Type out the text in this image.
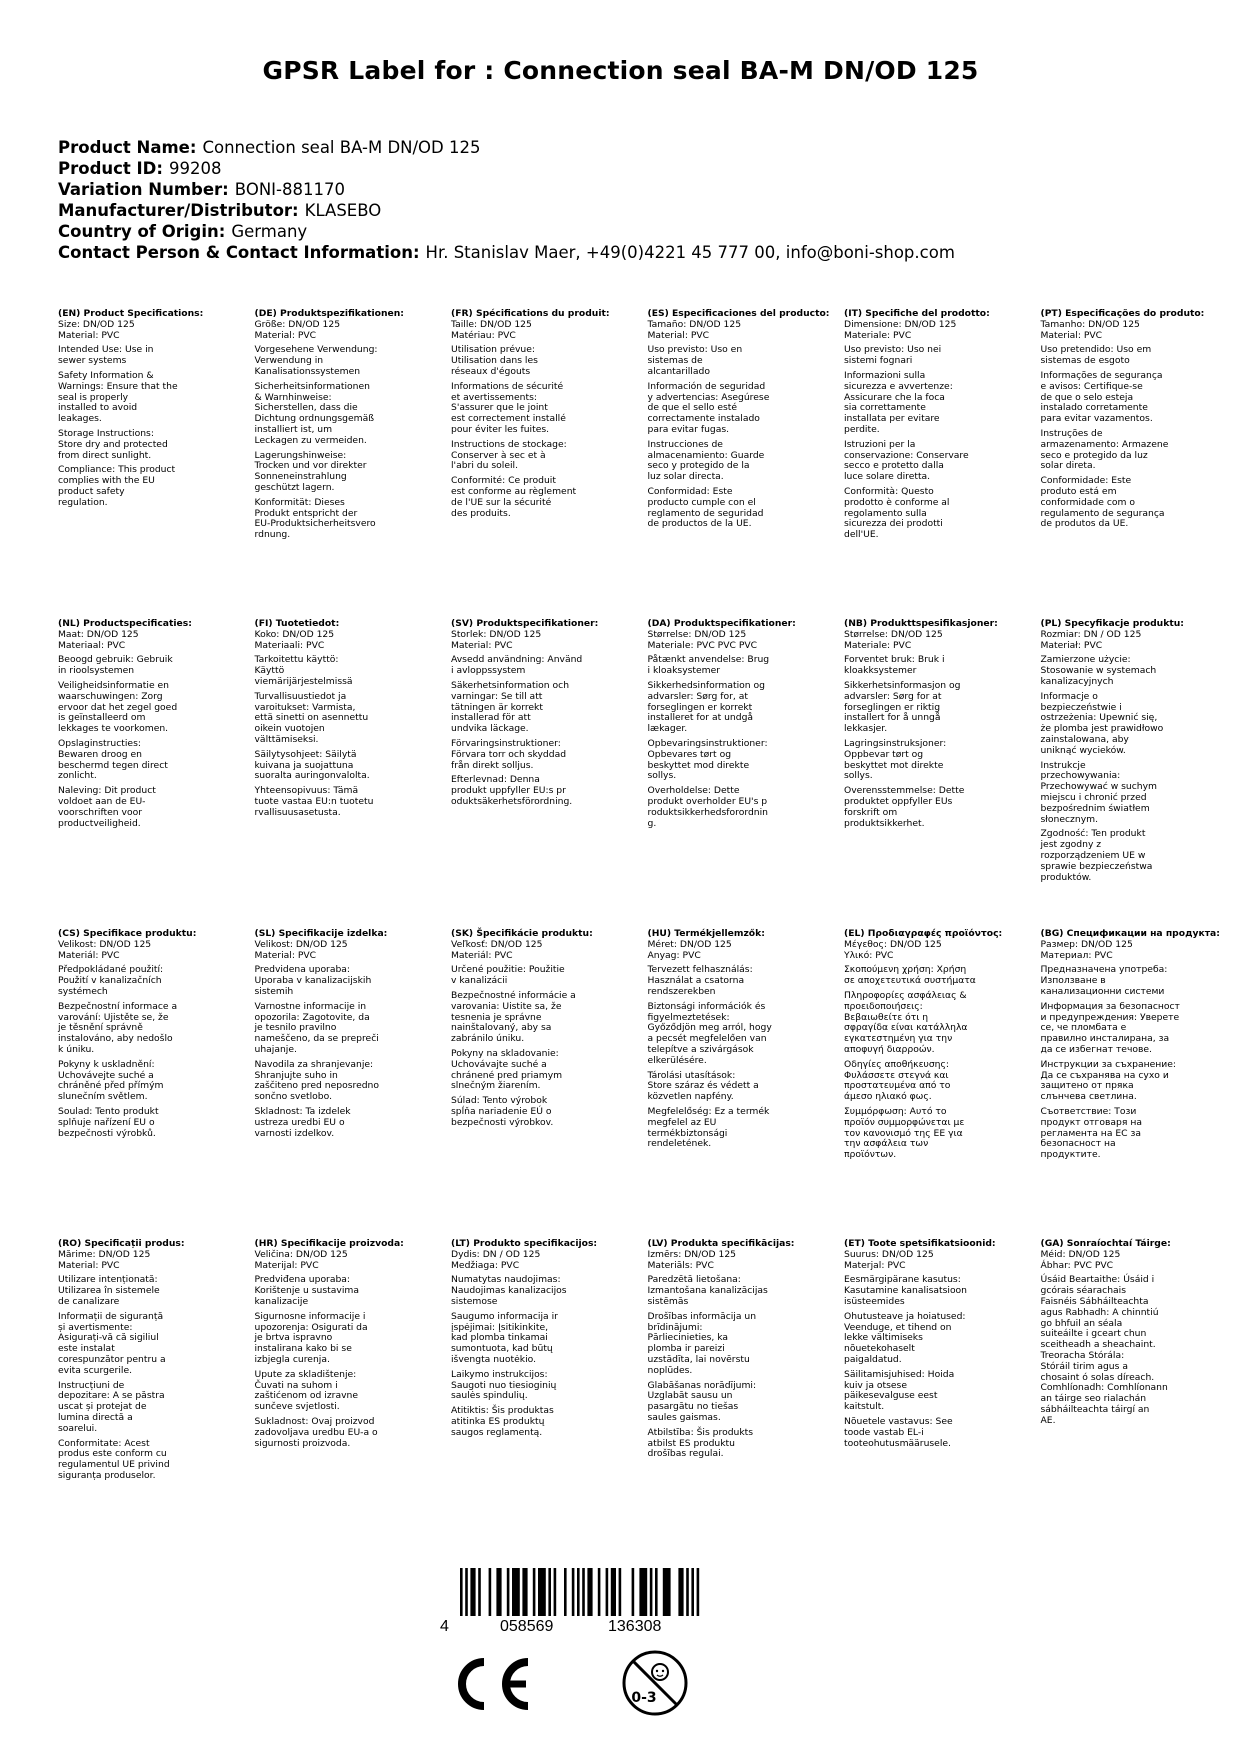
GPSR Label for : Connection seal BA-M DN/OD 125
Product Name: Connection seal BA-M DN/OD 125
Product ID: 99208
Variation Number: BONI-881170
Manufacturer/Distributor: KLASEBO
Country of Origin: Germany
Contact Person & Contact Information: Hr. Stanislav Maer, +49(0)4221 45 777 00, info@boni-shop.com
(EN) Product Specifications:
Size: DN/OD 125
Material: PVC
Intended Use: Use in
sewer systems
Safety Information &
Warnings: Ensure that the
seal is properly
installed to avoid
leakages.
Storage Instructions:
Store dry and protected
from direct sunlight.
Compliance: This product
complies with the EU
product safety
regulation.
(DE) Produktspezifikationen:
Größe: DN/OD 125
Material: PVC
Vorgesehene Verwendung:
Verwendung in
Kanalisationssystemen
Sicherheitsinformationen
& Warnhinweise:
Sicherstellen, dass die
Dichtung ordnungsgemäß
installiert ist, um
Leckagen zu vermeiden.
Lagerungshinweise:
Trocken und vor direkter
Sonneneinstrahlung
geschützt lagern.
Konformität: Dieses
Produkt entspricht der
EU-Produktsicherheitsvero
rdnung.
(FR) Spécifications du produit:
Taille: DN/OD 125
Matériau: PVC
Utilisation prévue:
Utilisation dans les
réseaux d'égouts
Informations de sécurité
et avertissements:
S'assurer que le joint
est correctement installé
pour éviter les fuites.
Instructions de stockage:
Conserver à sec et à
l'abri du soleil.
Conformité: Ce produit
est conforme au règlement
de l'UE sur la sécurité
des produits.
(ES) Especificaciones del producto:
Tamaño: DN/OD 125
Material: PVC
Uso previsto: Uso en
sistemas de
alcantarillado
Información de seguridad
y advertencias: Asegúrese
de que el sello esté
correctamente instalado
para evitar fugas.
Instrucciones de
almacenamiento: Guarde
seco y protegido de la
luz solar directa.
Conformidad: Este
producto cumple con el
reglamento de seguridad
de productos de la UE.
(IT) Specifiche del prodotto:
Dimensione: DN/OD 125
Materiale: PVC
Uso previsto: Uso nei
sistemi fognari
Informazioni sulla
sicurezza e avvertenze:
Assicurare che la foca
sia correttamente
installata per evitare
perdite.
Istruzioni per la
conservazione: Conservare
secco e protetto dalla
luce solare diretta.
Conformità: Questo
prodotto è conforme al
regolamento sulla
sicurezza dei prodotti
dell'UE.
(PT) Especificações do produto:
Tamanho: DN/OD 125
Material: PVC
Uso pretendido: Uso em
sistemas de esgoto
Informações de segurança
e avisos: Certifique-se
de que o selo esteja
instalado corretamente
para evitar vazamentos.
Instruções de
armazenamento: Armazene
seco e protegido da luz
solar direta.
Conformidade: Este
produto está em
conformidade com o
regulamento de segurança
de produtos da UE.
(NL) Productspecificaties:
Maat: DN/OD 125
Materiaal: PVC
Beoogd gebruik: Gebruik
in rioolsystemen
Veiligheidsinformatie en
waarschuwingen: Zorg
ervoor dat het zegel goed
is geïnstalleerd om
lekkages te voorkomen.
Opslaginstructies:
Bewaren droog en
beschermd tegen direct
zonlicht.
Naleving: Dit product
voldoet aan de EU-
voorschriften voor
productveiligheid.
(FI) Tuotetiedot:
Koko: DN/OD 125
Materiaali: PVC
Tarkoitettu käyttö:
Käyttö
viemärijärjestelmissä
Turvallisuustiedot ja
varoitukset: Varmista,
että sinetti on asennettu
oikein vuotojen
välttämiseksi.
Säilytysohjeet: Säilytä
kuivana ja suojattuna
suoralta auringonvalolta.
Yhteensopivuus: Tämä
tuote vastaa EU:n tuotetu
rvallisuusasetusta.
(SV) Produktspecifikationer:
Storlek: DN/OD 125
Material: PVC
Avsedd användning: Använd
i avloppssystem
Säkerhetsinformation och
varningar: Se till att
tätningen är korrekt
installerad för att
undvika läckage.
Förvaringsinstruktioner:
Förvara torr och skyddad
från direkt solljus.
Efterlevnad: Denna
produkt uppfyller EU:s pr
oduktsäkerhetsförordning.
(DA) Produktspecifikationer:
Størrelse: DN/OD 125
Materiale: PVC PVC PVC
Påtænkt anvendelse: Brug
i kloaksystemer
Sikkerhedsinformation og
advarsler: Sørg for, at
forseglingen er korrekt
installeret for at undgå
lækager.
Opbevaringsinstruktioner:
Opbevares tørt og
beskyttet mod direkte
sollys.
Overholdelse: Dette
produkt overholder EU's p
roduktsikkerhedsforordnin
g.
(NB) Produkttspesifikasjoner:
Størrelse: DN/OD 125
Materiale: PVC
Forventet bruk: Bruk i
kloakksystemer
Sikkerhetsinformasjon og
advarsler: Sørg for at
forseglingen er riktig
installert for å unngå
lekkasjer.
Lagringsinstruksjoner:
Oppbevar tørt og
beskyttet mot direkte
sollys.
Overensstemmelse: Dette
produktet oppfyller EUs
forskrift om
produktsikkerhet.
(PL) Specyfikacje produktu:
Rozmiar: DN / OD 125
Materiał: PVC
Zamierzone użycie:
Stosowanie w systemach
kanalizacyjnych
Informacje o
bezpieczeństwie i
ostrzeżenia: Upewnić się,
że plomba jest prawidłowo
zainstalowana, aby
uniknąć wycieków.
Instrukcje
przechowywania:
Przechowywać w suchym
miejscu i chronić przed
bezpośrednim światłem
słonecznym.
Zgodność: Ten produkt
jest zgodny z
rozporządzeniem UE w
sprawie bezpieczeństwa
produktów.
(CS) Specifikace produktu:
Velikost: DN/OD 125
Materiál: PVC
Předpokládané použití:
Použití v kanalizačních
systémech
Bezpečnostní informace a
varování: Ujistěte se, že
je těsnění správně
instalováno, aby nedošlo
k úniku.
Pokyny k uskladnění:
Uchovávejte suché a
chráněné před přímým
slunečním světlem.
Soulad: Tento produkt
splňuje nařízení EU o
bezpečnosti výrobků.
(SL) Specifikacije izdelka:
Velikost: DN/OD 125
Material: PVC
Predvidena uporaba:
Uporaba v kanalizacijskih
sistemih
Varnostne informacije in
opozorila: Zagotovite, da
je tesnilo pravilno
nameščeno, da se prepreči
uhajanje.
Navodila za shranjevanje:
Shranjujte suho in
zaščiteno pred neposredno
sončno svetlobo.
Skladnost: Ta izdelek
ustreza uredbi EU o
varnosti izdelkov.
(SK) Špecifikácie produktu:
Veľkosť: DN/OD 125
Materiál: PVC
Určené použitie: Použitie
v kanalizácii
Bezpečnostné informácie a
varovania: Uistite sa, že
tesnenia je správne
nainštalovaný, aby sa
zabránilo úniku.
Pokyny na skladovanie:
Uchovávajte suché a
chránené pred priamym
slnečným žiarením.
Súlad: Tento výrobok
spĺňa nariadenie EÚ o
bezpečnosti výrobkov.
(HU) Termékjellemzők:
Méret: DN/OD 125
Anyag: PVC
Tervezett felhasználás:
Használat a csatorna
rendszerekben
Biztonsági információk és
figyelmeztetések:
Győződjön meg arról, hogy
a pecsét megfelelően van
telepítve a szivárgások
elkerülésére.
Tárolási utasítások:
Store száraz és védett a
közvetlen napfény.
Megfelelőség: Ez a termék
megfelel az EU
termékbiztonsági
rendeletének.
(EL) Προδιαγραφές προϊόντος:
Μέγεθος: DN/OD 125
Υλικό: PVC
Σκοπούμενη χρήση: Χρήση
σε αποχετευτικά συστήματα
Πληροφορίες ασφάλειας &
προειδοποιήσεις:
Βεβαιωθείτε ότι η
σφραγίδα είναι κατάλληλα
εγκατεστημένη για την
αποφυγή διαρροών.
Οδηγίες αποθήκευσης:
Φυλάσσετε στεγνά και
προστατευμένα από το
άμεσο ηλιακό φως.
Συμμόρφωση: Αυτό το
προϊόν συμμορφώνεται με
τον κανονισμό της ΕΕ για
την ασφάλεια των
προϊόντων.
(BG) Спецификации на продукта:
Размер: DN/OD 125
Материал: PVC
Предназначена употреба:
Използване в
канализационни системи
Информация за безопасност
и предупреждения: Уверете
се, че пломбата е
правилно инсталирана, за
да се избегнат течове.
Инструкции за съхранение:
Да се съхранява на сухо и
защитено от пряка
слънчева светлина.
Съответствие: Този
продукт отговаря на
регламента на ЕС за
безопасност на
продуктите.
(RO) Specificații produs:
Mărime: DN/OD 125
Material: PVC
Utilizare intenționată:
Utilizarea în sistemele
de canalizare
Informații de siguranță
și avertismente:
Asigurați-vă că sigiliul
este instalat
corespunzător pentru a
evita scurgerile.
Instrucțiuni de
depozitare: A se păstra
uscat și protejat de
lumina directă a
soarelui.
Conformitate: Acest
produs este conform cu
regulamentul UE privind
siguranța produselor.
(HR) Specifikacije proizvoda:
Veličina: DN/OD 125
Materijal: PVC
Predviđena uporaba:
Korištenje u sustavima
kanalizacije
Sigurnosne informacije i
upozorenja: Osigurati da
je brtva ispravno
instalirana kako bi se
izbjegla curenja.
Upute za skladištenje:
Čuvati na suhom i
zaštićenom od izravne
sunčeve svjetlosti.
Sukladnost: Ovaj proizvod
zadovoljava uredbu EU-a o
sigurnosti proizvoda.
(LT) Produkto specifikacijos:
Dydis: DN / OD 125
Medžiaga: PVC
Numatytas naudojimas:
Naudojimas kanalizacijos
sistemose
Saugumo informacija ir
įspėjimai: Įsitikinkite,
kad plomba tinkamai
sumontuota, kad būtų
išvengta nuotėkio.
Laikymo instrukcijos:
Saugoti nuo tiesioginių
saulės spindulių.
Atitiktis: Šis produktas
atitinka ES produktų
saugos reglamentą.
(LV) Produkta specifikācijas:
Izmērs: DN/OD 125
Materiāls: PVC
Paredzētā lietošana:
Izmantošana kanalizācijas
sistēmās
Drošības informācija un
brīdinājumi:
Pārliecinieties, ka
plomba ir pareizi
uzstādīta, lai novērstu
noplūdes.
Glabāšanas norādījumi:
Uzglabāt sausu un
pasargātu no tiešas
saules gaismas.
Atbilstība: Šis produkts
atbilst ES produktu
drošības regulai.
(ET) Toote spetsifikatsioonid:
Suurus: DN/OD 125
Materjal: PVC
Eesmärgipärane kasutus:
Kasutamine kanalisatsioon
isüsteemides
Ohutusteave ja hoiatused:
Veenduge, et tihend on
lekke vältimiseks
nõuetekohaselt
paigaldatud.
Säilitamisjuhised: Hoida
kuiv ja otsese
päikesevalguse eest
kaitstult.
Nõuetele vastavus: See
toode vastab EL-i
tooteohutusmäärusele.
(GA) Sonraíochtaí Táirge:
Méid: DN/OD 125
Ábhar: PVC PVC
Úsáid Beartaithe: Úsáid i
gcórais séarachais
Faisnéis Sábháilteachta
agus Rabhadh: A chinntiú
go bhfuil an séala
suiteáilte i gceart chun
sceitheadh a sheachaint.
Treoracha Stórála:
Stóráil tirim agus a
chosaint ó solas díreach.
Comhlíonadh: Comhlíonann
an táirge seo rialachán
sábháilteachta táirgí an
AE.
4	058569	136308
0-3
